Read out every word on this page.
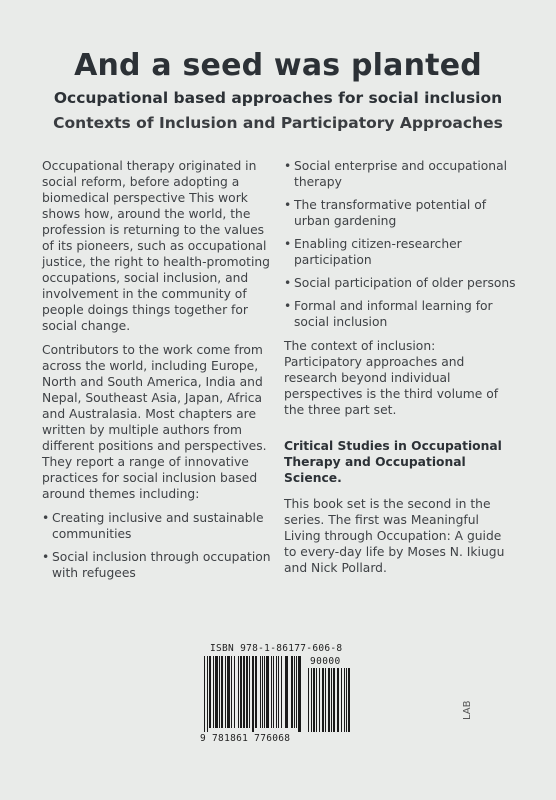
And a seed was planted
Occupational based approaches for social inclusion
Contexts of Inclusion and Participatory Approaches

Occupational therapy originated in social reform, before adopting a biomedical perspective This work shows how, around the world, the profession is returning to the values of its pioneers, such as occupational justice, the right to health-promoting occupations, social inclusion, and involvement in the community of people doings things together for social change.

Contributors to the work come from across the world, including Europe, North and South America, India and Nepal, Southeast Asia, Japan, Africa and Australasia. Most chapters are written by multiple authors from different positions and perspectives. They report a range of innovative practices for social inclusion based around themes including:

• Creating inclusive and sustainable communities
• Social inclusion through occupation with refugees
• Social enterprise and occupational therapy
• The transformative potential of urban gardening
• Enabling citizen-researcher participation
• Social participation of older persons
• Formal and informal learning for social inclusion

The context of inclusion: Participatory approaches and research beyond individual perspectives is the third volume of the three part set.

Critical Studies in Occupational Therapy and Occupational Science.

This book set is the second in the series. The first was Meaningful Living through Occupation: A guide to every-day life by Moses N. Ikiugu and Nick Pollard.

ISBN 978-1-86177-606-8
90000
9 781861 776068
LAB
